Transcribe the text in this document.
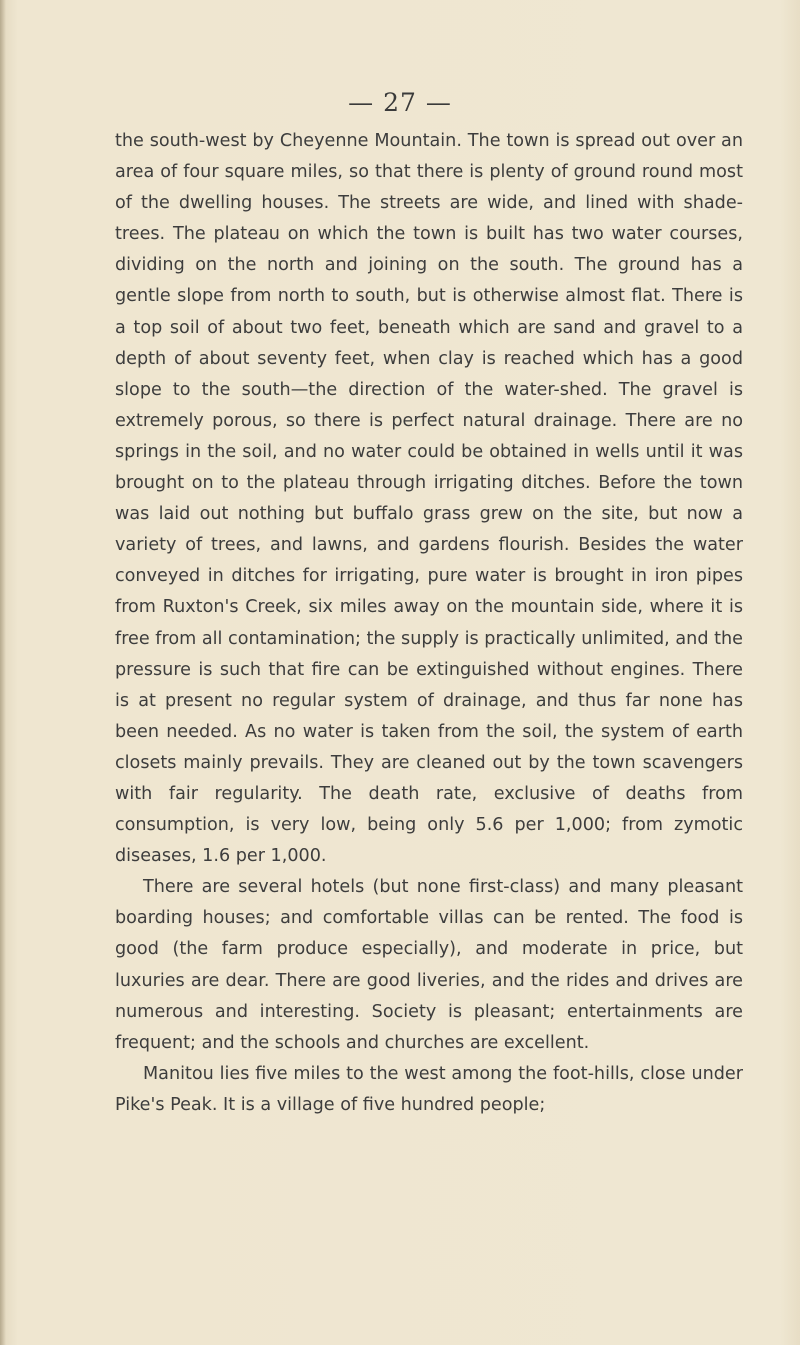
— 27 —

the south-west by Cheyenne Mountain. The town is spread out over an area of four square miles, so that there is plenty of ground round most of the dwelling houses. The streets are wide, and lined with shade-trees. The plateau on which the town is built has two water courses, dividing on the north and joining on the south. The ground has a gentle slope from north to south, but is otherwise almost flat. There is a top soil of about two feet, beneath which are sand and gravel to a depth of about seventy feet, when clay is reached which has a good slope to the south—the direction of the water-shed. The gravel is extremely porous, so there is perfect natural drainage. There are no springs in the soil, and no water could be obtained in wells until it was brought on to the plateau through irrigating ditches. Before the town was laid out nothing but buffalo grass grew on the site, but now a variety of trees, and lawns, and gardens flourish. Besides the water conveyed in ditches for irrigating, pure water is brought in iron pipes from Ruxton's Creek, six miles away on the mountain side, where it is free from all contamination; the supply is practically unlimited, and the pressure is such that fire can be extinguished without engines. There is at present no regular system of drainage, and thus far none has been needed. As no water is taken from the soil, the system of earth closets mainly prevails. They are cleaned out by the town scavengers with fair regularity. The death rate, exclusive of deaths from consumption, is very low, being only 5.6 per 1,000; from zymotic diseases, 1.6 per 1,000.

There are several hotels (but none first-class) and many pleasant boarding houses; and comfortable villas can be rented. The food is good (the farm produce especially), and moderate in price, but luxuries are dear. There are good liveries, and the rides and drives are numerous and interesting. Society is pleasant; entertainments are frequent; and the schools and churches are excellent.

Manitou lies five miles to the west among the foot-hills, close under Pike's Peak. It is a village of five hundred people;
